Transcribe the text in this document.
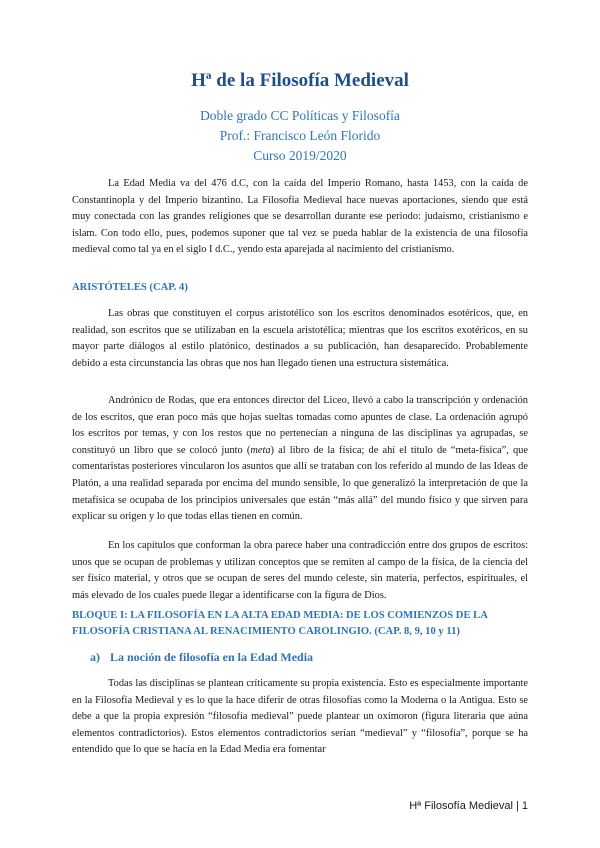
Hª de la Filosofía Medieval
Doble grado CC Políticas y Filosofía
Prof.: Francisco León Florido
Curso 2019/2020

La Edad Media va del 476 d.C, con la caída del Imperio Romano, hasta 1453, con la caída de Constantinopla y del Imperio bizantino. La Filosofía Medieval hace nuevas aportaciones, siendo que está muy conectada con las grandes religiones que se desarrollan durante ese periodo: judaísmo, cristianismo e islam. Con todo ello, pues, podemos suponer que tal vez se pueda hablar de la existencia de una filosofía medieval como tal ya en el siglo I d.C., yendo esta aparejada al nacimiento del cristianismo.

ARISTÓTELES (CAP. 4)

Las obras que constituyen el corpus aristotélico son los escritos denominados esotéricos, que, en realidad, son escritos que se utilizaban en la escuela aristotélica; mientras que los escritos exotéricos, en su mayor parte diálogos al estilo platónico, destinados a su publicación, han desaparecido. Probablemente debido a esta circunstancia las obras que nos han llegado tienen una estructura sistemática.

Andrónico de Rodas, que era entonces director del Liceo, llevó a cabo la transcripción y ordenación de los escritos, que eran poco más que hojas sueltas tomadas como apuntes de clase. La ordenación agrupó los escritos por temas, y con los restos que no pertenecían a ninguna de las disciplinas ya agrupadas, se constituyó un libro que se colocó junto (meta) al libro de la física; de ahí el título de “meta-física”, que comentaristas posteriores vincularon los asuntos que allí se trataban con los referido al mundo de las Ideas de Platón, a una realidad separada por encima del mundo sensible, lo que generalizó la interpretación de que la metafísica se ocupaba de los principios universales que están “más allá” del mundo físico y que sirven para explicar su origen y lo que todas ellas tienen en común.

En los capítulos que conforman la obra parece haber una contradicción entre dos grupos de escritos: unos que se ocupan de problemas y utilizan conceptos que se remiten al campo de la física, de la ciencia del ser físico material, y otros que se ocupan de seres del mundo celeste, sin materia, perfectos, espirituales, el más elevado de los cuales puede llegar a identificarse con la figura de Dios.

BLOQUE I: LA FILOSOFÍA EN LA ALTA EDAD MEDIA: DE LOS COMIENZOS DE LA FILOSOFÍA CRISTIANA AL RENACIMIENTO CAROLINGIO. (CAP. 8, 9, 10 y 11)
a) La noción de filosofía en la Edad Media

Todas las disciplinas se plantean críticamente su propia existencia. Esto es especialmente importante en la Filosofía Medieval y es lo que la hace diferir de otras filosofías como la Moderna o la Antigua. Esto se debe a que la propia expresión “filosofía medieval” puede plantear un oxímoron (figura literaria que aúna elementos contradictorios). Estos elementos contradictorios serían “medieval” y “filosofía”, porque se ha entendido que lo que se hacía en la Edad Media era fomentar

Hª Filosofía Medieval | 1
